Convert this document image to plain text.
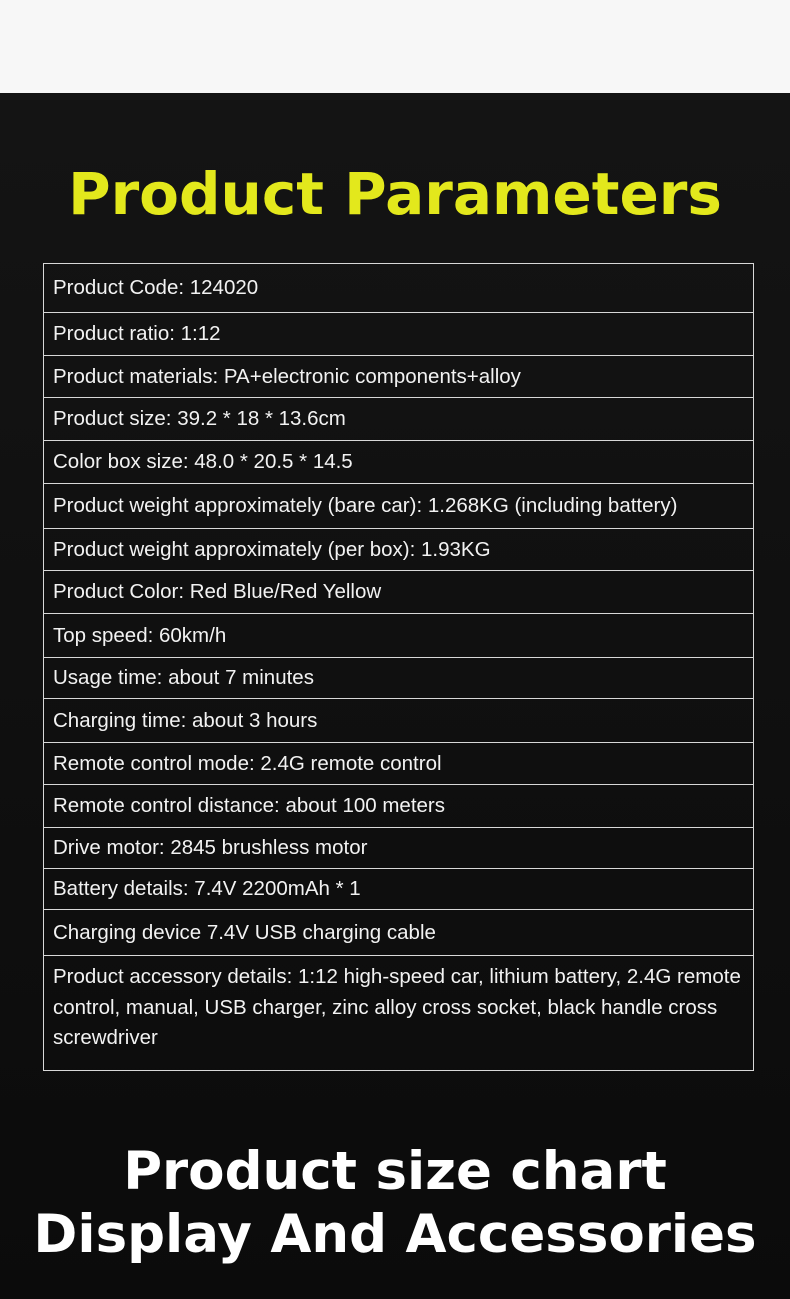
Product Parameters
Product Code: 124020
Product ratio: 1:12
Product materials: PA+electronic components+alloy
Product size: 39.2 * 18 * 13.6cm
Color box size: 48.0 * 20.5 * 14.5
Product weight approximately (bare car): 1.268KG (including battery)
Product weight approximately (per box): 1.93KG
Product Color: Red Blue/Red Yellow
Top speed: 60km/h
Usage time: about 7 minutes
Charging time: about 3 hours
Remote control mode: 2.4G remote control
Remote control distance: about 100 meters
Drive motor: 2845 brushless motor
Battery details: 7.4V 2200mAh * 1
Charging device 7.4V USB charging cable
Product accessory details: 1:12 high-speed car, lithium battery, 2.4G remote control, manual, USB charger, zinc alloy cross socket, black handle cross screwdriver
Product size chart
Display And Accessories
